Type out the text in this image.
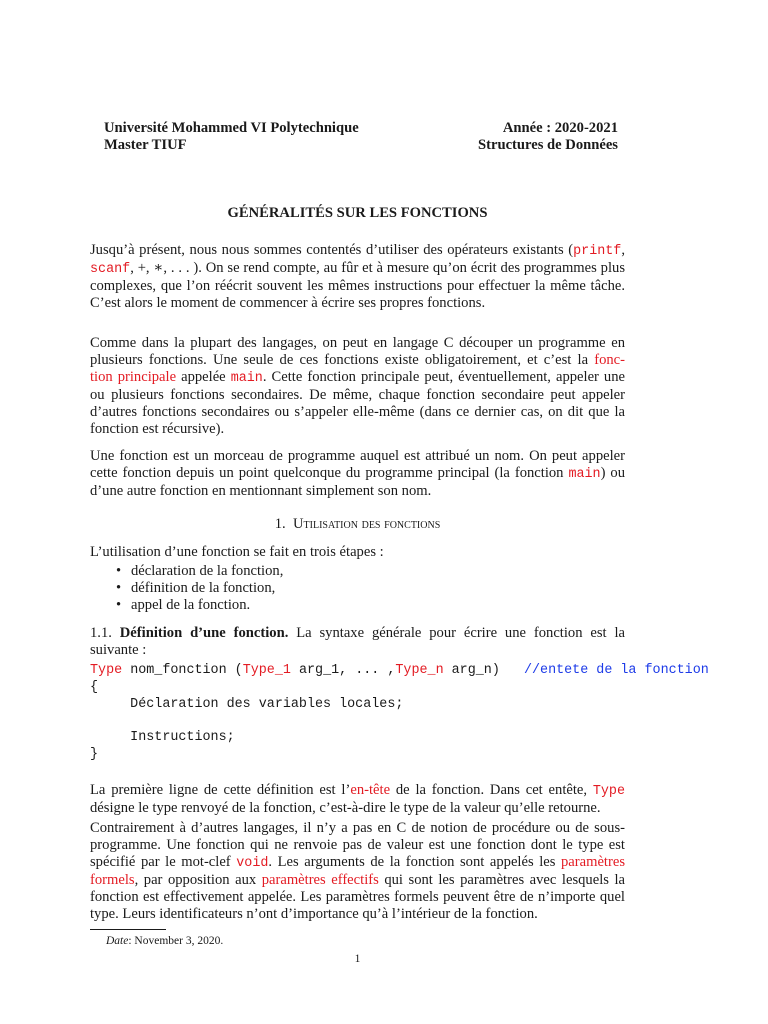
Université Mohammed VI Polytechnique
Master TIUF
Année : 2020-2021
Structures de Données
GÉNÉRALITÉS SUR LES FONCTIONS

Jusqu’à présent, nous nous sommes contentés d’utiliser des opérateurs existants (printf,
scanf, +, ∗, . . . ). On se rend compte, au fûr et à mesure qu’on écrit des programmes plus
complexes, que l’on réécrit souvent les mêmes instructions pour effectuer la même tâche.
C’est alors le moment de commencer à écrire ses propres fonctions.

Comme dans la plupart des langages, on peut en langage C découper un programme en
plusieurs fonctions. Une seule de ces fonctions existe obligatoirement, et c’est la fonc-
tion principale appelée main. Cette fonction principale peut, éventuellement, appeler une
ou plusieurs fonctions secondaires. De même, chaque fonction secondaire peut appeler
d’autres fonctions secondaires ou s’appeler elle-même (dans ce dernier cas, on dit que la
fonction est récursive).

Une fonction est un morceau de programme auquel est attribué un nom. On peut appeler
cette fonction depuis un point quelconque du programme principal (la fonction main) ou
d’une autre fonction en mentionnant simplement son nom.

1. Utilisation des fonctions
L’utilisation d’une fonction se fait en trois étapes :
• déclaration de la fonction,
• définition de la fonction,
• appel de la fonction.

1.1. Définition d’une fonction. La syntaxe générale pour écrire une fonction est la
suivante :

Type nom_fonction (Type_1 arg_1, ... ,Type_n arg_n)   //entete de la fonction
{
Déclaration des variables locales;
Instructions;
}

La première ligne de cette définition est l’en-tête de la fonction. Dans cet entête, Type
désigne le type renvoyé de la fonction, c’est-à-dire le type de la valeur qu’elle retourne.

Contrairement à d’autres langages, il n’y a pas en C de notion de procédure ou de sous-
programme. Une fonction qui ne renvoie pas de valeur est une fonction dont le type est
spécifié par le mot-clef void. Les arguments de la fonction sont appelés les paramètres
formels, par opposition aux paramètres effectifs qui sont les paramètres avec lesquels la
fonction est effectivement appelée. Les paramètres formels peuvent être de n’importe quel
type. Leurs identificateurs n’ont d’importance qu’à l’intérieur de la fonction.

Date: November 3, 2020.
1
